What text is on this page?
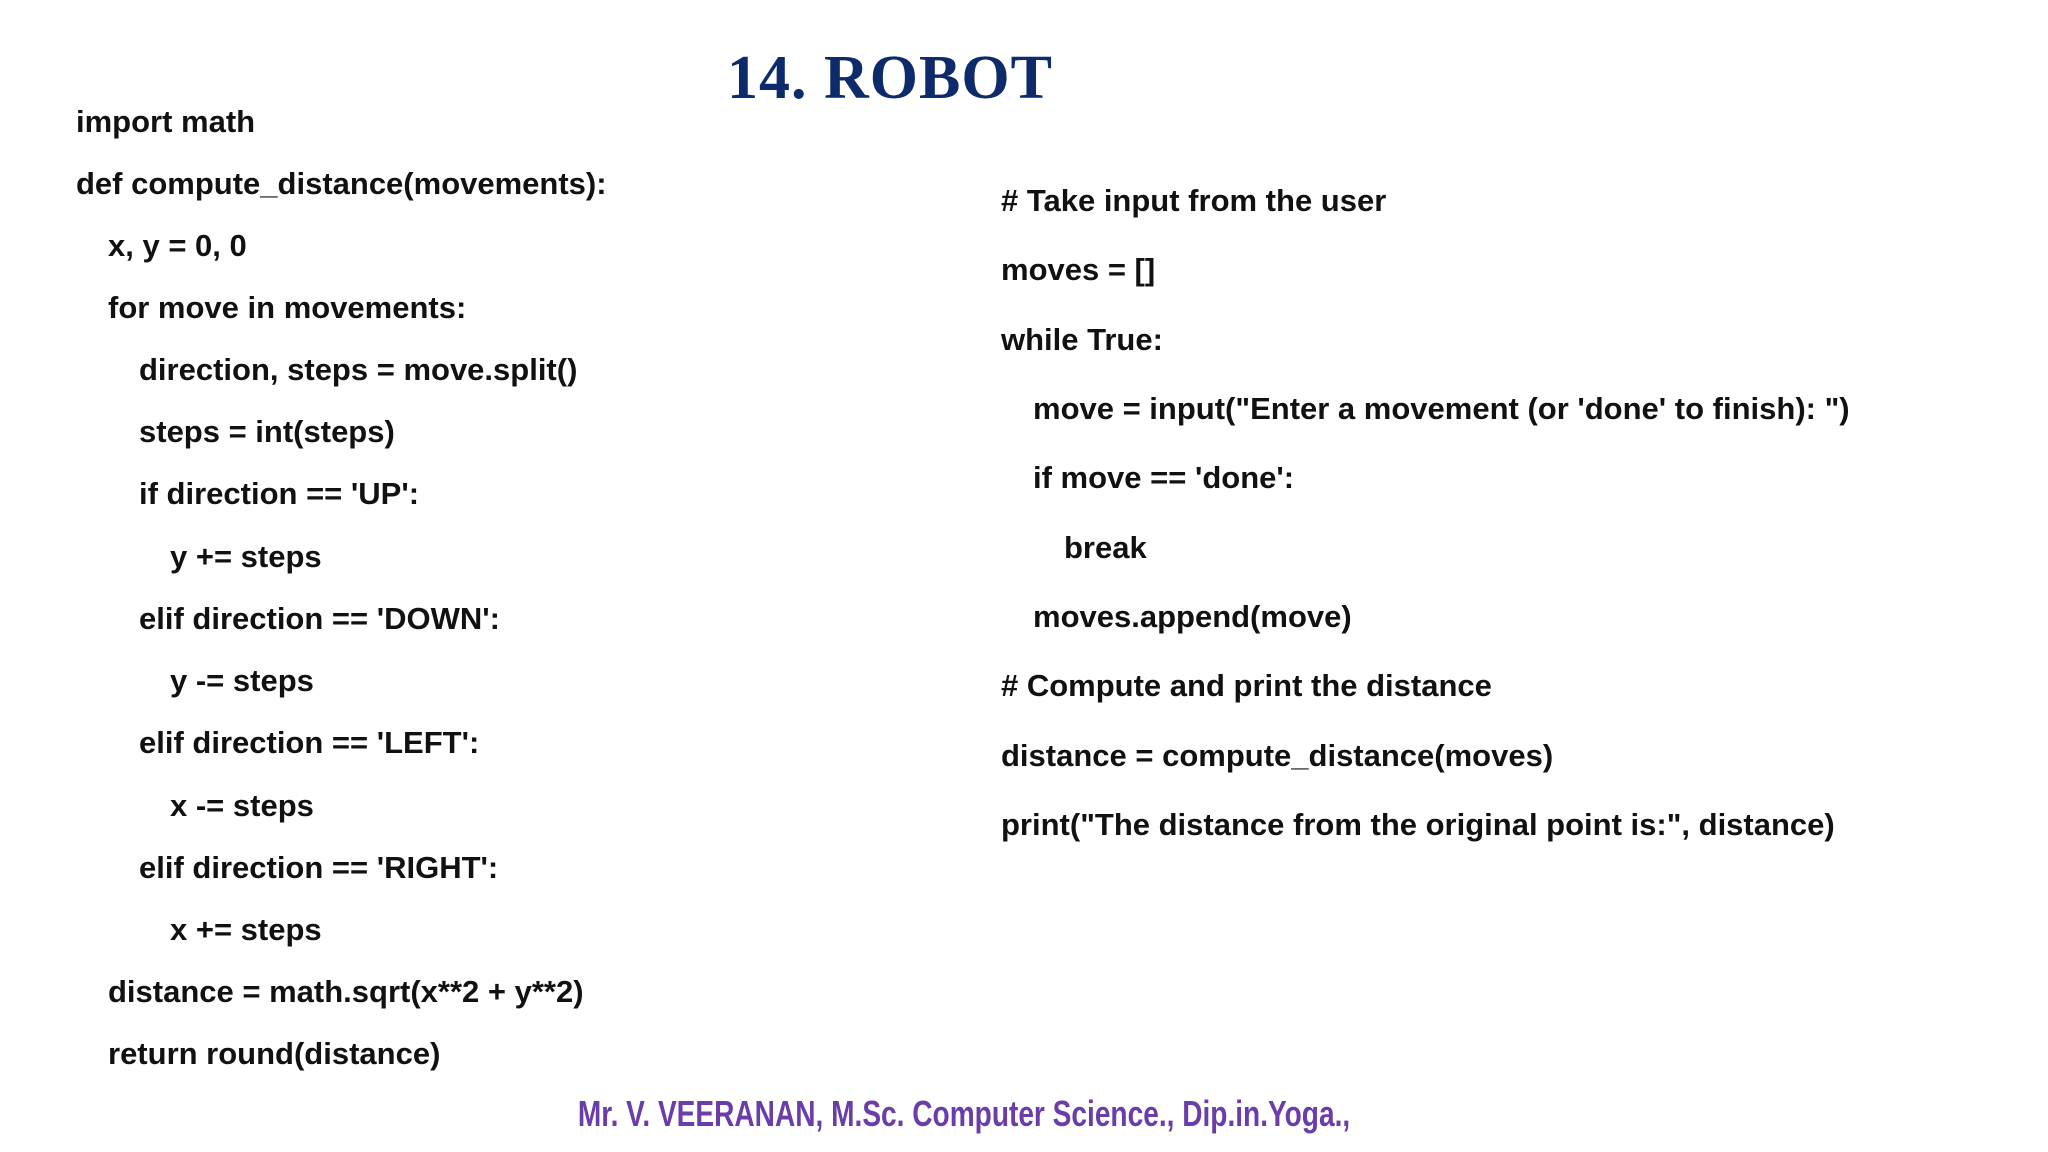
14. ROBOT

import math

def compute_distance(movements):

x, y = 0, 0

for move in movements:

direction, steps = move.split()

steps = int(steps)

if direction == 'UP':

y += steps

elif direction == 'DOWN':

y -= steps

elif direction == 'LEFT':

x -= steps

elif direction == 'RIGHT':

x += steps

distance = math.sqrt(x**2 + y**2)

return round(distance)

# Take input from the user

moves = []

while True:

move = input("Enter a movement (or 'done' to finish): ")

if move == 'done':

break

moves.append(move)

# Compute and print the distance

distance = compute_distance(moves)

print("The distance from the original point is:", distance)

Mr. V. VEERANAN, M.Sc. Computer Science., Dip.in.Yoga.,
